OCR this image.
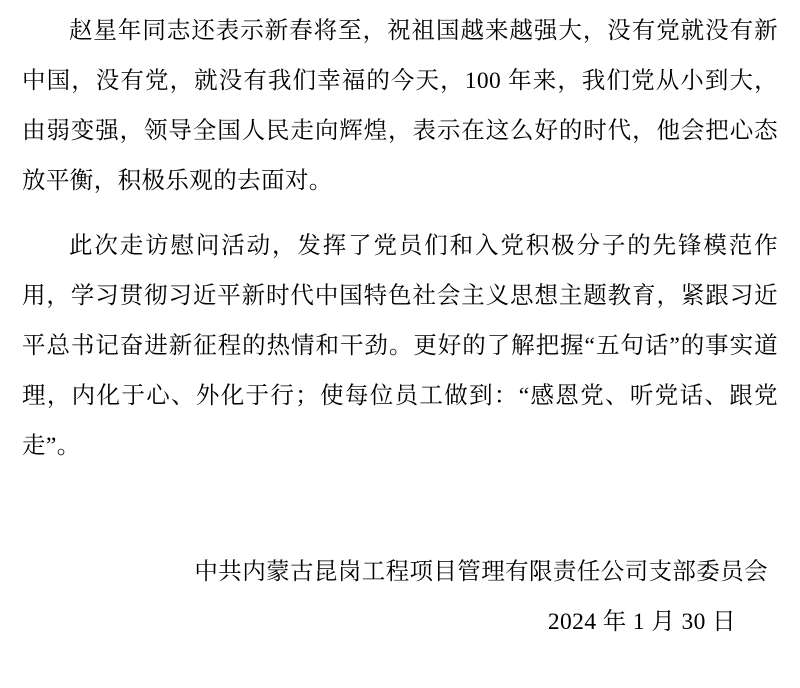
赵星年同志还表示新春将至，祝祖国越来越强大，没有党就没有新中国，没有党，就没有我们幸福的今天，100 年来，我们党从小到大，由弱变强，领导全国人民走向辉煌，表示在这么好的时代，他会把心态放平衡，积极乐观的去面对。

此次走访慰问活动，发挥了党员们和入党积极分子的先锋模范作用，学习贯彻习近平新时代中国特色社会主义思想主题教育，紧跟习近平总书记奋进新征程的热情和干劲。更好的了解把握“五句话”的事实道理，内化于心、外化于行；使每位员工做到：“感恩党、听党话、跟党走”。

中共内蒙古昆岗工程项目管理有限责任公司支部委员会
2024 年 1 月 30 日
